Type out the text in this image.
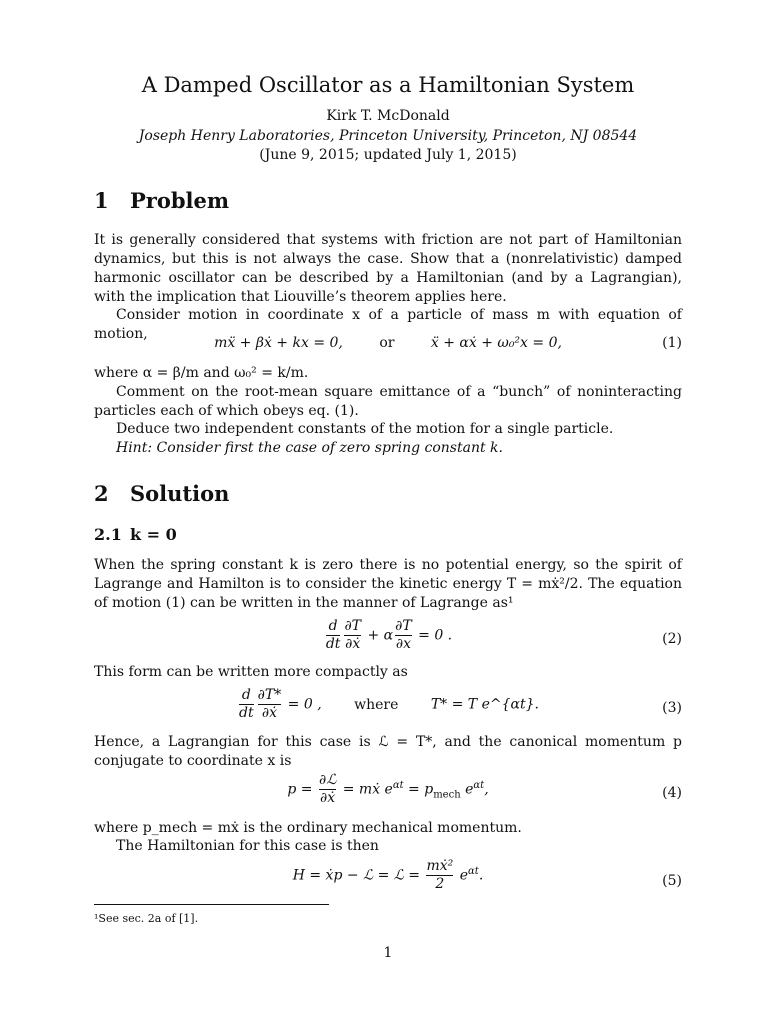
A Damped Oscillator as a Hamiltonian System
Kirk T. McDonald
Joseph Henry Laboratories, Princeton University, Princeton, NJ 08544
(June 9, 2015; updated July 1, 2015)
1 Problem

It is generally considered that systems with friction are not part of Hamiltonian dynamics, but this is not always the case. Show that a (nonrelativistic) damped harmonic oscillator can be described by a Hamiltonian (and by a Lagrangian), with the implication that Liouville’s theorem applies here.

Consider motion in coordinate x of a particle of mass m with equation of motion,

mẍ + βẋ + kx = 0,	or	ẍ + αẋ + ω₀²x = 0,	(1)

where α = β/m and ω₀² = k/m.

Comment on the root-mean square emittance of a “bunch” of noninteracting particles each of which obeys eq. (1).

Deduce two independent constants of the motion for a single particle.

Hint: Consider first the case of zero spring constant k.

2 Solution
2.1 k = 0

When the spring constant k is zero there is no potential energy, so the spirit of Lagrange and Hamilton is to consider the kinetic energy T = mẋ²/2. The equation of motion (1) can be written in the manner of Lagrange as¹

$\frac{d}{dt} \frac{\partial T}{\text{∂ẋ}} + \alpha \frac{\partial T}{\partial x} = 0$ .	(2)

This form can be written more compactly as

$\frac{d}{dt} \frac{\partial T*}{\text{∂ẋ}} = 0$ , where T* = T e^{αt}.	(3)

Hence, a Lagrangian for this case is ℒ = T*, and the canonical momentum p conjugate to coordinate x is

$p = \frac{\text{∂ℒ}}{\text{∂ẋ}}$ = mẋ $e^{\alpha t} = p_{mech}$ $e^{\alpha t}$,	(4)

where p_mech = mẋ is the ordinary mechanical momentum.

The Hamiltonian for this case is then

H = ẋp − ℒ = ℒ = $\frac{\text{mẋ²}}{2} e^{\alpha t}$.	(5)
¹See sec. 2a of [1].
1
